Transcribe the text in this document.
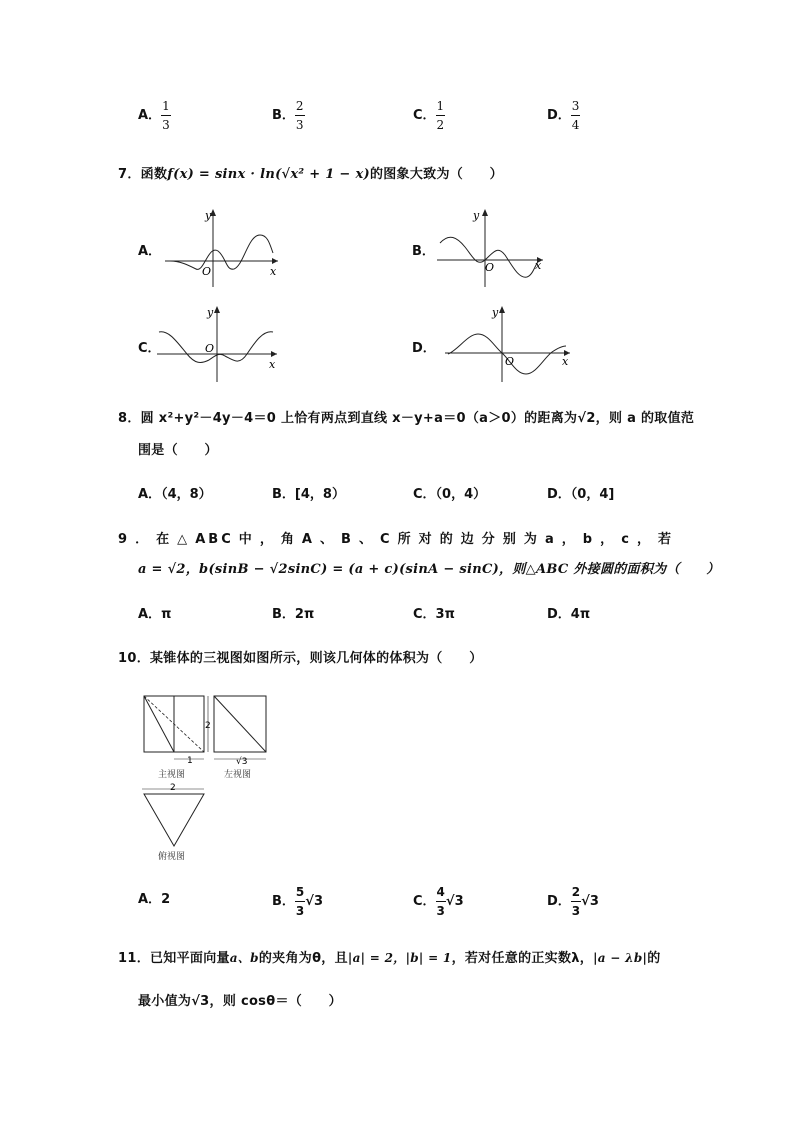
A． $\frac{1}{3}$	B． $\frac{2}{3}$	C． $\frac{1}{2}$	D． $\frac{3}{4}$
7．函数f(x) = sinx · ln(√x² + 1 − x)的图象大致为（　　）
A．	B．
C．	D．
y
x
O
y
x
O
y
x
O
y
x
O
8．圆 x²+y²－4y－4＝0 上恰有两点到直线 x－y+a＝0（a＞0）的距离为√2，则 a 的取值范
围是（　　）
A．（4，8）	B．[4，8）	C．（0，4）	D．（0，4]
9．在△ABC中，角A、B、C所对的边分别为a，b，c，若
a = √2，b(sinB − √2sinC) = (a + c)(sinA − sinC)，则△ABC 外接圆的面积为（　　）
A．π	B．2π	C．3π	D．4π
10．某锥体的三视图如图所示，则该几何体的体积为（　　）
1
2
√3
主视图	左视图
2
俯视图
A．2	B． $\frac{5}{3} √3$	C． $\frac{4}{3} √3$	D． $\frac{2}{3} √3$
11．已知平面向量a、b的夹角为θ，且|a| = 2，|b| = 1，若对任意的正实数λ，|a − λb|的
最小值为√3，则 cosθ＝（　　）
